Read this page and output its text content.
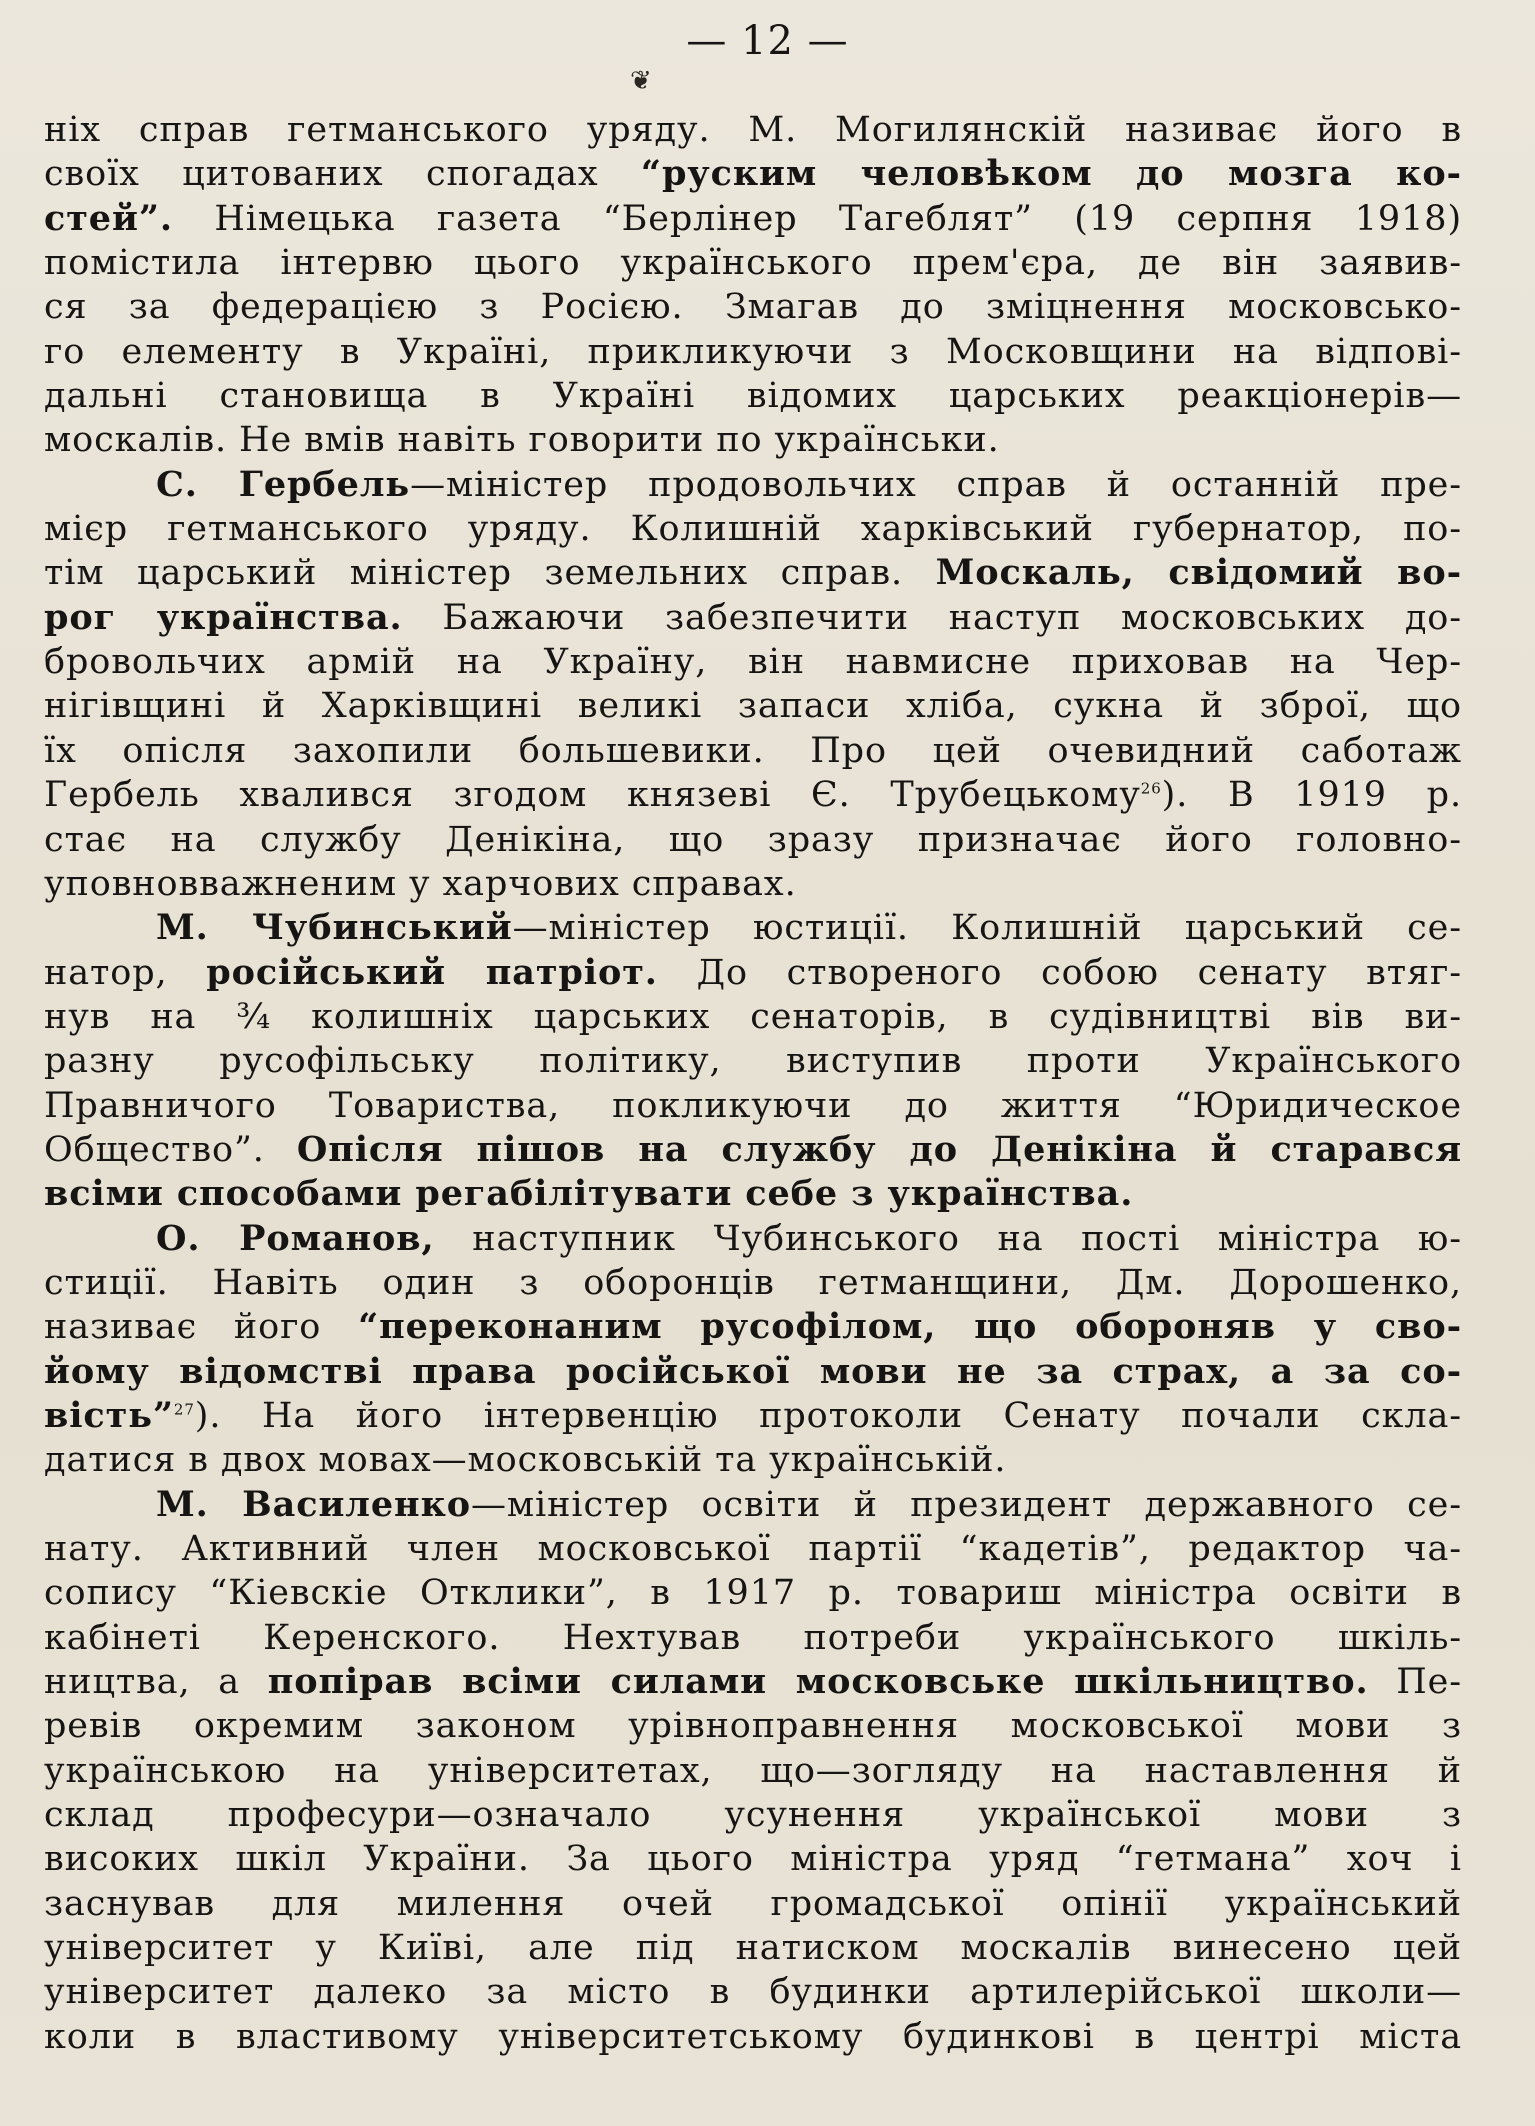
— 12 —
❦
ніх справ гетманського уряду. М. Могилянскій називає його в
своїх цитованих спогадах “руским человѣком до мозга ко-
стей”. Німецька газета “Берлінер Тагеблят” (19 серпня 1918)
помістила інтервю цього українського прем'єра, де він заявив-
ся за федерацією з Росією. Змагав до зміцнення московсько-
го елементу в Україні, прикликуючи з Московщини на відпові-
дальні становища в Україні відомих царських реакціонерів—
москалів. Не вмів навіть говорити по українськи.
С. Гербель—міністер продовольчих справ й останній пре-
мієр гетманського уряду. Колишній харківський губернатор, по-
тім царський міністер земельних справ. Москаль, свідомий во-
рог українства. Бажаючи забезпечити наступ московських до-
бровольчих армій на Україну, він навмисне приховав на Чер-
нігівщині й Харківщині великі запаси хліба, сукна й зброї, що
їх опісля захопили большевики. Про цей очевидний саботаж
Гербель хвалився згодом князеві Є. Трубецькому$^{26}$). В 1919 р.
стає на службу Денікіна, що зразу призначає його головно-
уповновважненим у харчових справах.
М. Чубинський—міністер юстиції. Колишній царський се-
натор, російський патріот. До створеного собою сенату втяг-
нув на ¾ колишніх царських сенаторів, в судівництві вів ви-
разну русофільську політику, виступив проти Українського
Правничого Товариства, покликуючи до життя “Юридическое
Общество”. Опісля пішов на службу до Денікіна й старався
всіми способами регабілітувати себе з українства.
О. Романов, наступник Чубинського на пості міністра ю-
стиції. Навіть один з оборонців гетманщини, Дм. Дорошенко,
називає його “переконаним русофілом, що обороняв у сво-
йому відомстві права російської мови не за страх, а за со-
вість”$^{27}$). На його інтервенцію протоколи Сенату почали скла-
датися в двох мовах—московській та українській.
М. Василенко—міністер освіти й президент державного се-
нату. Активний член московської партії “кадетів”, редактор ча-
сопису “Кіевскіе Отклики”, в 1917 р. товариш міністра освіти в
кабінеті Керенского. Нехтував потреби українського шкіль-
ництва, а попірав всіми силами московське шкільництво. Пе-
ревів окремим законом урівноправнення московської мови з
українською на університетах, що—зогляду на наставлення й
склад професури—означало усунення української мови з
високих шкіл України. За цього міністра уряд “гетмана” хоч і
заснував для милення очей громадської опінії український
університет у Київі, але під натиском москалів винесено цей
університет далеко за місто в будинки артилерійської школи—
коли в властивому університетському будинкові в центрі міста
